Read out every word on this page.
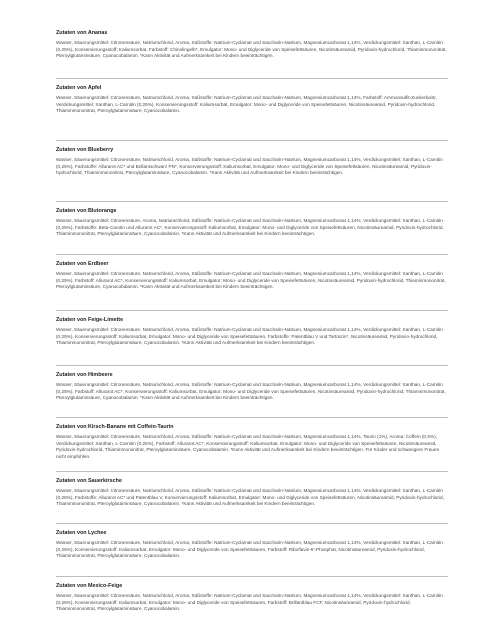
Zutaten von Ananas

Wasser, Säuerungsmittel: Citronensäure, Natriumchlorid, Aroma, Süßstoffe: Natrium-Cyclamat und Saccharin-Natrium, Magnesiumcarbonat 1,14%, Verdickungsmittel: Xanthan, L-Carnitin (0,25%), Konservierungsstoff: Kaliumsorbat, Farbstoff: Chinolingelb*, Emulgator: Mono- und Diglyceride von Speisefettsäuren, Nicotinsäureamid, Pyridoxin-hydrochlorid, Thiaminmononitrat, Pteroylglutaminsäure, Cyanocobalamin. *Kann Aktivität und Aufmerksamkeit bei Kindern beeinträchtigen.

Zutaten von Apfel

Wasser, Säuerungsmittel: Citronensäure, Natriumchlorid, Aroma, Süßstoffe: Natrium-Cyclamat und Saccharin-Natrium, Magnesiumcarbonat 1,14%, Farbstoff: Ammonsulfit-Zuckerkulör, Verdickungsmittel: Xanthan, L-Carnitin (0,25%), Konservierungsstoff: Kaliumsorbat, Emulgator: Mono- und Diglyceride von Speisefettsäuren, Nicotinsäureamid, Pyridoxin-hydrochlorid, Thiaminmononitrat, Pteroylglutaminsäure, Cyanocobalamin.

Zutaten von Blueberry

Wasser, Säuerungsmittel: Citronensäure, Natriumchlorid, Aroma, Süßstoffe: Natrium-Cyclamat und Saccharin-Natrium, Magnesiumcarbonat 1,14%, Verdickungsmittel: Xanthan, L-Carnitin (0,25%), Farbstoffe: Allurarot AC* und Brillantschwarz PN*, Konservierungsstoff: Kaliumsorbat, Emulgator: Mono- und Diglyceride von Speisefettsäuren, Nicotinsäureamid, Pyridoxin-hydrochlorid, Thiaminmononitrat, Pteroylglutaminsäure, Cyanocobalamin. *Kann Aktivität und Aufmerksamkeit bei Kindern beeinträchtigen.

Zutaten von Blutorange

Wasser, Säuerungsmittel: Citronensäure, Aroma, Natriumchlorid, Süßstoffe: Natrium-Cyclamat und Saccharin-Natrium, Magnesiumcarbonat 1,14%, Verdickungsmittel: Xanthan, L-Carnitin (0,25%), Farbstoffe: Beta-Carotin und Allurarot AC*, Konservierungsstoff: Kaliumsorbat, Emulgator: Mono- und Diglyceride von Speisefettsäuren, Nicotinsäureamid, Pyridoxin-hydrochlorid, Thiaminmononitrat, Pteroylglutaminsäure, Cyanocobalamin. *Kann Aktivität und Aufmerksamkeit bei Kindern beeinträchtigen.

Zutaten von Erdbeer

Wasser, Säuerungsmittel: Citronensäure, Natriumchlorid, Aroma, Süßstoffe: Natrium-Cyclamat und Saccharin-Natrium, Magnesiumcarbonat 1,14%, Verdickungsmittel: Xanthan, L-Carnitin (0,25%), Farbstoff: Allurarot AC*, Konservierungsstoff: Kaliumsorbat, Emulgator: Mono- und Diglyceride von Speisefettsäuren, Nicotinsäureamid, Pyridoxin-hydrochlorid, Thiaminmononitrat, Pteroylglutaminsäure, Cyanocobalamin. *Kann Aktivität und Aufmerksamkeit bei Kindern beeinträchtigen.

Zutaten von Feige-Limette

Wasser, Säuerungsmittel: Citronensäure, Natriumchlorid, Aroma, Süßstoffe: Natrium-Cyclamat und Saccharin-Natrium, Magnesiumcarbonat 1,14%, Verdickungsmittel: Xanthan, L-Carnitin (0,25%), Konservierungsstoff: Kaliumsorbat, Emulgator: Mono- und Diglyceride von Speisefettsäuren, Farbstoffe: Patentblau V und Tartrazin*, Nicotinsäureamid, Pyridoxin-hydrochlorid, Thiaminmononitrat, Pteroylglutaminsäure, Cyanocobalamin. *Kann Aktivität und Aufmerksamkeit bei Kindern beeinträchtigen.

Zutaten von Himbeere

Wasser, Säuerungsmittel: Citronensäure, Natriumchlorid, Aroma, Süßstoffe: Natrium-Cyclamat und Saccharin-Natrium, Magnesiumcarbonat 1,14%, Verdickungsmittel: Xanthan, L-Carnitin (0,25%), Farbstoff: Allurarot AC*, Konservierungsstoff: Kaliumsorbat, Emulgator: Mono- und Diglyceride von Speisefettsäuren, Nicotinsäureamid, Pyridoxin-hydrochlorid, Thiaminmononitrat, Pteroylglutaminsäure, Cyanocobalamin. *Kann Aktivität und Aufmerksamkeit bei Kindern beeinträchtigen.

Zutaten von Kirsch-Banane mit Coffein-Taurin

Wasser, Säuerungsmittel: Citronensäure, Natriumchlorid, Aroma, Süßstoffe: Natrium-Cyclamat und Saccharin-Natrium, Magnesiumcarbonat 1,14%, Taurin (1%), Aroma: Coffein (0,5%), Verdickungsmittel: Xanthan, L-Carnitin (0,25%), Farbstoff: Allurarot AC*, Konservierungsstoff: Kaliumsorbat, Emulgator: Mono- und Diglyceride von Speisefettsäuren, Nicotinsäureamid, Pyridoxin-hydrochlorid, Thiaminmononitrat, Pteroylglutaminsäure, Cyanocobalamin. *Kann Aktivität und Aufmerksamkeit bei Kindern beeinträchtigen. Für Kinder und schwangere Frauen nicht empfohlen.

Zutaten von Sauerkirsche

Wasser, Säuerungsmittel: Citronensäure, Natriumchlorid, Aroma, Süßstoffe: Natrium-Cyclamat und Saccharin-Natrium, Magnesiumcarbonat 1,14%, Verdickungsmittel: Xanthan, L-Carnitin (0,25%), Farbstoffe: Allurarot AC* und Patentblau V, Konservierungsstoff: Kaliumsorbat, Emulgator: Mono- und Diglyceride von Speisefettsäuren, Nicotinsäureamid, Pyridoxin-hydrochlorid, Thiaminmononitrat, Pteroylglutaminsäure, Cyanocobalamin. *Kann Aktivität und Aufmerksamkeit bei Kindern beeinträchtigen.

Zutaten von Lychee

Wasser, Säuerungsmittel: Citronensäure, Natriumchlorid, Aroma, Süßstoffe: Natrium-Cyclamat und Saccharin-Natrium, Magnesiumcarbonat 1,14%, Verdickungsmittel: Xanthan, L-Carnitin (0,25%), Konservierungsstoff: Kaliumsorbat, Emulgator: Mono- und Diglyceride von Speisefettsäuren, Farbstoff: Riboflavin-5'-Phosphat, Nicotinsäureamid, Pyridoxin-hydrochlorid, Thiaminmononitrat, Pteroylglutaminsäure, Cyanocobalamin.

Zutaten von Mexico-Feige

Wasser, Säuerungsmittel: Citronensäure, Natriumchlorid, Aroma, Süßstoffe: Natrium-Cyclamat und Saccharin-Natrium, Magnesiumcarbonat 1,14%, Verdickungsmittel: Xanthan, L-Carnitin (0,25%), Konservierungsstoff: Kaliumsorbat, Emulgator: Mono- und Diglyceride von Speisefettsäuren, Farbstoff: Brillantblau FCF, Nicotinsäureamid, Pyridoxin-hydrochlorid, Thiaminmononitrat, Pteroylglutaminsäure, Cyanocobalamin.
